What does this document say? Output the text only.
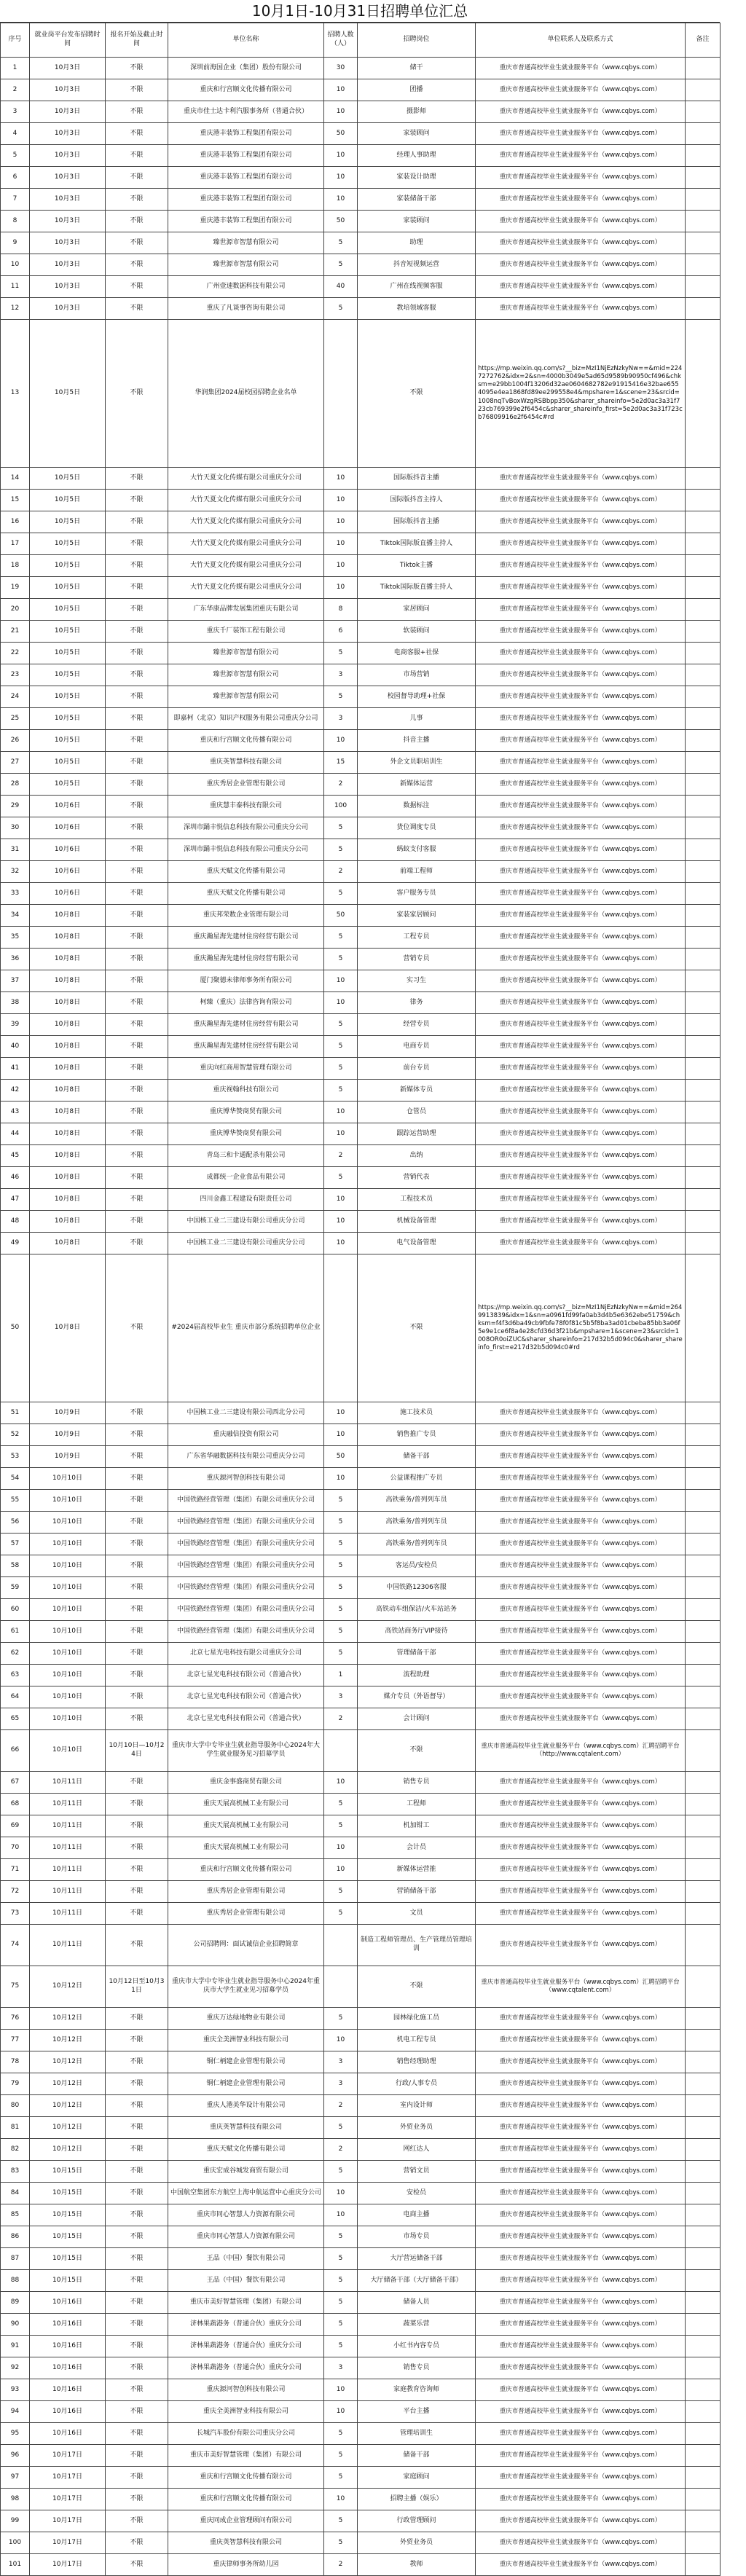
10月1日-10月31日招聘单位汇总
序号	就业岗平台发布招聘时间	报名开始及截止时间	单位名称	招聘人数（人）	招聘岗位	单位联系人及联系方式	备注
1	10月3日	不限	深圳前海国企业（集团）股份有限公司	30	储干	重庆市普通高校毕业生就业服务平台（www.cqbys.com）	
2	10月3日	不限	重庆和行宫顺文化传播有限公司	10	团播	重庆市普通高校毕业生就业服务平台（www.cqbys.com）	
3	10月3日	不限	重庆市佳士达卡利汽服事务所（普通合伙）	10	摄影师	重庆市普通高校毕业生就业服务平台（www.cqbys.com）	
4	10月3日	不限	重庆港丰装饰工程集团有限公司	50	家装顾问	重庆市普通高校毕业生就业服务平台（www.cqbys.com）	
5	10月3日	不限	重庆港丰装饰工程集团有限公司	10	经理人事助理	重庆市普通高校毕业生就业服务平台（www.cqbys.com）	
6	10月3日	不限	重庆港丰装饰工程集团有限公司	10	家装设计助理	重庆市普通高校毕业生就业服务平台（www.cqbys.com）	
7	10月3日	不限	重庆港丰装饰工程集团有限公司	10	家装储备干部	重庆市普通高校毕业生就业服务平台（www.cqbys.com）	
8	10月3日	不限	重庆港丰装饰工程集团有限公司	50	家装顾问	重庆市普通高校毕业生就业服务平台（www.cqbys.com）	
9	10月3日	不限	臻世源市智慧有限公司	5	助理	重庆市普通高校毕业生就业服务平台（www.cqbys.com）	
10	10月3日	不限	臻世源市智慧有限公司	5	抖音短视频运营	重庆市普通高校毕业生就业服务平台（www.cqbys.com）	
11	10月3日	不限	广州壹速数据科技有限公司	40	广州在线视频客服	重庆市普通高校毕业生就业服务平台（www.cqbys.com）	
12	10月3日	不限	重庆了凡谈事咨询有限公司	5	教培领域客服	重庆市普通高校毕业生就业服务平台（www.cqbys.com）	
13	10月5日	不限	华润集团2024届校园招聘企业名单		不限	https://mp.weixin.qq.com/s?__biz=MzI1NjEzNzkyNw==&mid=2247272762&idx=2&sn=4000b3049e5ad65d9589b90950cf496&chksm=e29bb1004f13206d32ae0604682782e91915416e32bae6554095e4ea1868fd89ee299558e4&mpshare=1&scene=23&srcid=1008nqTvBoxWzgRSBbpp350&sharer_shareinfo=5e2d0ac3a31f723cb769399e2f6454c&sharer_shareinfo_first=5e2d0ac3a31f723cb76809916e2f6454c#rd	
14	10月5日	不限	大竹天夏文化传媒有限公司重庆分公司	10	国际版抖音主播	重庆市普通高校毕业生就业服务平台（www.cqbys.com）	
15	10月5日	不限	大竹天夏文化传媒有限公司重庆分公司	10	国际版抖音主持人	重庆市普通高校毕业生就业服务平台（www.cqbys.com）	
16	10月5日	不限	大竹天夏文化传媒有限公司重庆分公司	10	国际版抖音主播	重庆市普通高校毕业生就业服务平台（www.cqbys.com）	
17	10月5日	不限	大竹天夏文化传媒有限公司重庆分公司	10	Tiktok国际版直播主持人	重庆市普通高校毕业生就业服务平台（www.cqbys.com）	
18	10月5日	不限	大竹天夏文化传媒有限公司重庆分公司	10	Tiktok主播	重庆市普通高校毕业生就业服务平台（www.cqbys.com）	
19	10月5日	不限	大竹天夏文化传媒有限公司重庆分公司	10	Tiktok国际版直播主持人	重庆市普通高校毕业生就业服务平台（www.cqbys.com）	
20	10月5日	不限	广东华康品牌发展集团重庆有限公司	8	家居顾问	重庆市普通高校毕业生就业服务平台（www.cqbys.com）	
21	10月5日	不限	重庆千厂装饰工程有限公司	6	软装顾问	重庆市普通高校毕业生就业服务平台（www.cqbys.com）	
22	10月5日	不限	臻世源市智慧有限公司	5	电商客服+社保	重庆市普通高校毕业生就业服务平台（www.cqbys.com）	
23	10月5日	不限	臻世源市智慧有限公司	3	市场营销	重庆市普通高校毕业生就业服务平台（www.cqbys.com）	
24	10月5日	不限	臻世源市智慧有限公司	5	校园督导助理+社保	重庆市普通高校毕业生就业服务平台（www.cqbys.com）	
25	10月5日	不限	即嘉柯（北京）知识产权服务有限公司重庆分公司	3	儿事	重庆市普通高校毕业生就业服务平台（www.cqbys.com）	
26	10月5日	不限	重庆和行宫顺文化传播有限公司	10	抖音主播	重庆市普通高校毕业生就业服务平台（www.cqbys.com）	
27	10月5日	不限	重庆英智慧科技有限公司	15	外企文员职培训生	重庆市普通高校毕业生就业服务平台（www.cqbys.com）	
28	10月5日	不限	重庆秀居企业管理有限公司	2	新媒体运营	重庆市普通高校毕业生就业服务平台（www.cqbys.com）	
29	10月6日	不限	重庆慧丰泰科技有限公司	100	数据标注	重庆市普通高校毕业生就业服务平台（www.cqbys.com）	
30	10月6日	不限	深圳市踊丰悦信息科技有限公司重庆分公司	5	货位调度专员	重庆市普通高校毕业生就业服务平台（www.cqbys.com）	
31	10月6日	不限	深圳市踊丰悦信息科技有限公司重庆分公司	5	蚂蚁支付客服	重庆市普通高校毕业生就业服务平台（www.cqbys.com）	
32	10月6日	不限	重庆天赋文化传播有限公司	2	前端工程师	重庆市普通高校毕业生就业服务平台（www.cqbys.com）	
33	10月6日	不限	重庆天赋文化传播有限公司	5	客户服务专员	重庆市普通高校毕业生就业服务平台（www.cqbys.com）	
34	10月8日	不限	重庆邦荣数企业管理有限公司	50	家装家居顾问	重庆市普通高校毕业生就业服务平台（www.cqbys.com）	
35	10月8日	不限	重庆瀚星海先建材住房经营有限公司	5	工程专员	重庆市普通高校毕业生就业服务平台（www.cqbys.com）	
36	10月8日	不限	重庆瀚星海先建材住房经营有限公司	5	营销专员	重庆市普通高校毕业生就业服务平台（www.cqbys.com）	
37	10月8日	不限	厦门聚德未律师事务所有限公司	10	实习生	重庆市普通高校毕业生就业服务平台（www.cqbys.com）	
38	10月8日	不限	柯臻（重庆）法律咨询有限公司	10	律务	重庆市普通高校毕业生就业服务平台（www.cqbys.com）	
39	10月8日	不限	重庆瀚星海先建材住房经营有限公司	5	经营专员	重庆市普通高校毕业生就业服务平台（www.cqbys.com）	
40	10月8日	不限	重庆瀚星海先建材住房经营有限公司	5	电商专员	重庆市普通高校毕业生就业服务平台（www.cqbys.com）	
41	10月8日	不限	重庆向红商用智慧管理有限公司	5	前台专员	重庆市普通高校毕业生就业服务平台（www.cqbys.com）	
42	10月8日	不限	重庆视翰科技有限公司	5	新媒体专员	重庆市普通高校毕业生就业服务平台（www.cqbys.com）	
43	10月8日	不限	重庆博华赞商贸有限公司	10	仓管员	重庆市普通高校毕业生就业服务平台（www.cqbys.com）	
44	10月8日	不限	重庆博华赞商贸有限公司	10	跟踪运营助理	重庆市普通高校毕业生就业服务平台（www.cqbys.com）	
45	10月8日	不限	青岛三和卡通配杀有限公司	2	出纳	重庆市普通高校毕业生就业服务平台（www.cqbys.com）	
46	10月8日	不限	成都统一企业食品有限公司	5	营销代表	重庆市普通高校毕业生就业服务平台（www.cqbys.com）	
47	10月8日	不限	四川金鑫工程建设有限责任公司	10	工程技术员	重庆市普通高校毕业生就业服务平台（www.cqbys.com）	
48	10月8日	不限	中国核工业二三建设有限公司重庆分公司	10	机械设备管理	重庆市普通高校毕业生就业服务平台（www.cqbys.com）	
49	10月8日	不限	中国核工业二三建设有限公司重庆分公司	10	电气设备管理	重庆市普通高校毕业生就业服务平台（www.cqbys.com）	
50	10月8日	不限	#2024届高校毕业生 重庆市部分系统招聘单位企业		不限	https://mp.weixin.qq.com/s?__biz=MzI1NjEzNzkyNw==&mid=2649913839&idx=1&sn=a0961fd99fa0ab3d4b5e6362ebe51759&chksm=f4f3d6ba49cb9fbfe78f0f81c5b5f8ba3ad01cbeba85bb3a06f5e9e1ce6f8a4e28cfd36d3f21b&mpshare=1&scene=23&srcid=1008OR0oiZUC&sharer_shareinfo=217d32b5d094c0&sharer_shareinfo_first=e217d32b5d094c0#rd	
51	10月9日	不限	中国核工业二三建设有限公司西北分公司	10	施工技术员	重庆市普通高校毕业生就业服务平台（www.cqbys.com）	
52	10月9日	不限	重庆融信投资有限公司	10	销售推广专员	重庆市普通高校毕业生就业服务平台（www.cqbys.com）	
53	10月9日	不限	广东省华融数据科技有限公司重庆分公司	50	储备干部	重庆市普通高校毕业生就业服务平台（www.cqbys.com）	
54	10月10日	不限	重庆源河智创科技有限公司	10	公益课程推广专员	重庆市普通高校毕业生就业服务平台（www.cqbys.com）	
55	10月10日	不限	中国铁路经营管理（集团）有限公司重庆分公司	5	高铁乘务/普列列车员	重庆市普通高校毕业生就业服务平台（www.cqbys.com）	
56	10月10日	不限	中国铁路经营管理（集团）有限公司重庆分公司	5	高铁乘务/普列列车员	重庆市普通高校毕业生就业服务平台（www.cqbys.com）	
57	10月10日	不限	中国铁路经营管理（集团）有限公司重庆分公司	5	高铁乘务/普列列车员	重庆市普通高校毕业生就业服务平台（www.cqbys.com）	
58	10月10日	不限	中国铁路经营管理（集团）有限公司重庆分公司	5	客运员/安检员	重庆市普通高校毕业生就业服务平台（www.cqbys.com）	
59	10月10日	不限	中国铁路经营管理（集团）有限公司重庆分公司	5	中国铁路12306客服	重庆市普通高校毕业生就业服务平台（www.cqbys.com）	
60	10月10日	不限	中国铁路经营管理（集团）有限公司重庆分公司	5	高铁动车组保洁/火车站站务	重庆市普通高校毕业生就业服务平台（www.cqbys.com）	
61	10月10日	不限	中国铁路经营管理（集团）有限公司重庆分公司	5	高铁站商务厅VIP接待	重庆市普通高校毕业生就业服务平台（www.cqbys.com）	
62	10月10日	不限	北京七星光电科技有限公司重庆分公司	5	管理储备干部	重庆市普通高校毕业生就业服务平台（www.cqbys.com）	
63	10月10日	不限	北京七星光电科技有限公司（普通合伙）	1	流程助理	重庆市普通高校毕业生就业服务平台（www.cqbys.com）	
64	10月10日	不限	北京七星光电科技有限公司（普通合伙）	3	媒介专员（外语督导）	重庆市普通高校毕业生就业服务平台（www.cqbys.com）	
65	10月10日	不限	北京七星光电科技有限公司（普通合伙）	2	会计顾问	重庆市普通高校毕业生就业服务平台（www.cqbys.com）	
66	10月10日	10月10日—10月24日	重庆市大学中专毕业生就业指导服务中心2024年大学生就业服务见习招募学员		不限	重庆市普通高校毕业生就业服务平台（www.cqbys.com）汇聘招聘平台（http://www.cqtalent.com）	
67	10月11日	不限	重庆金事盛商贸有限公司	10	销售专员	重庆市普通高校毕业生就业服务平台（www.cqbys.com）	
68	10月11日	不限	重庆天展高机械工业有限公司	5	工程师	重庆市普通高校毕业生就业服务平台（www.cqbys.com）	
69	10月11日	不限	重庆天展高机械工业有限公司	5	机加钳工	重庆市普通高校毕业生就业服务平台（www.cqbys.com）	
70	10月11日	不限	重庆天展高机械工业有限公司	10	会计员	重庆市普通高校毕业生就业服务平台（www.cqbys.com）	
71	10月11日	不限	重庆和行宫顺文化传播有限公司	10	新媒体运营推	重庆市普通高校毕业生就业服务平台（www.cqbys.com）	
72	10月11日	不限	重庆秀居企业管理有限公司	5	营销储备干部	重庆市普通高校毕业生就业服务平台（www.cqbys.com）	
73	10月11日	不限	重庆秀居企业管理有限公司	5	文员	重庆市普通高校毕业生就业服务平台（www.cqbys.com）	
74	10月11日	不限	公司招聘网：面试诚信企业招聘简章		制造工程师管理员、生产管理员管理培训	重庆市普通高校毕业生就业服务平台（www.cqbys.com）	
75	10月12日	10月12日至10月31日	重庆市大学中专毕业生就业指导服务中心2024年重庆市大学生就业见习招募学员		不限	重庆市普通高校毕业生就业服务平台（www.cqbys.com）汇聘招聘平台（www.cqtalent.com）	
76	10月12日	不限	重庆万达绿地物业有限公司	5	园林绿化施工员	重庆市普通高校毕业生就业服务平台（www.cqbys.com）	
77	10月12日	不限	重庆全美洲智业科技有限公司	10	机电工程专员	重庆市普通高校毕业生就业服务平台（www.cqbys.com）	
78	10月12日	不限	铜仁柄建企业管理有限公司	3	销售经理助理	重庆市普通高校毕业生就业服务平台（www.cqbys.com）	
79	10月12日	不限	铜仁柄建企业管理有限公司	3	行政/人事专员	重庆市普通高校毕业生就业服务平台（www.cqbys.com）	
80	10月12日	不限	重庆人港美华设计有限公司	2	室内设计师	重庆市普通高校毕业生就业服务平台（www.cqbys.com）	
81	10月12日	不限	重庆英智慧科技有限公司	5	外贸业务员	重庆市普通高校毕业生就业服务平台（www.cqbys.com）	
82	10月12日	不限	重庆天赋文化传播有限公司	2	网红达人	重庆市普通高校毕业生就业服务平台（www.cqbys.com）	
83	10月15日	不限	重庆宏成谷城发商贸有限公司	5	营销文员	重庆市普通高校毕业生就业服务平台（www.cqbys.com）	
84	10月15日	不限	中国航空集团东方航空上海中航运营中心重庆分公司	10	安检员	重庆市普通高校毕业生就业服务平台（www.cqbys.com）	
85	10月15日	不限	重庆市同心智慧人力资源有限公司	10	电商主播	重庆市普通高校毕业生就业服务平台（www.cqbys.com）	
86	10月15日	不限	重庆市同心智慧人力资源有限公司	5	市场专员	重庆市普通高校毕业生就业服务平台（www.cqbys.com）	
87	10月15日	不限	王品（中国）餐饮有限公司	5	大厅营运储备干部	重庆市普通高校毕业生就业服务平台（www.cqbys.com）	
88	10月15日	不限	王品（中国）餐饮有限公司	5	大厅储备干部（大厅储备干部）	重庆市普通高校毕业生就业服务平台（www.cqbys.com）	
89	10月16日	不限	重庆市美好智慧管理（集团）有限公司	5	储备人员	重庆市普通高校毕业生就业服务平台（www.cqbys.com）	
90	10月16日	不限	济林果蔬港务（普通合伙）重庆分公司	5	蔬菜乐营	重庆市普通高校毕业生就业服务平台（www.cqbys.com）	
91	10月16日	不限	济林果蔬港务（普通合伙）重庆分公司	5	小红书内容专员	重庆市普通高校毕业生就业服务平台（www.cqbys.com）	
92	10月16日	不限	济林果蔬港务（普通合伙）重庆分公司	3	销售专员	重庆市普通高校毕业生就业服务平台（www.cqbys.com）	
93	10月16日	不限	重庆源河智创科技有限公司	10	家庭教育咨询师	重庆市普通高校毕业生就业服务平台（www.cqbys.com）	
94	10月16日	不限	重庆全美洲智业科技有限公司	10	平台主播	重庆市普通高校毕业生就业服务平台（www.cqbys.com）	
95	10月16日	不限	长城汽车股份有限公司重庆分公司	5	管理培训生	重庆市普通高校毕业生就业服务平台（www.cqbys.com）	
96	10月17日	不限	重庆市美好智慧管理（集团）有限公司	5	储备干部	重庆市普通高校毕业生就业服务平台（www.cqbys.com）	
97	10月17日	不限	重庆和行宫顺文化传播有限公司	5	家庭顾问	重庆市普通高校毕业生就业服务平台（www.cqbys.com）	
98	10月17日	不限	重庆和行宫顺文化传播有限公司	10	招聘主播（娱乐）	重庆市普通高校毕业生就业服务平台（www.cqbys.com）	
99	10月17日	不限	重庆同成企业管理顾问有限公司	5	行政管理顾问	重庆市普通高校毕业生就业服务平台（www.cqbys.com）	
100	10月17日	不限	重庆英智慧科技有限公司	5	外贸业务员	重庆市普通高校毕业生就业服务平台（www.cqbys.com）	
101	10月17日	不限	重庆律师事务所幼儿园	2	教师	重庆市普通高校毕业生就业服务平台（www.cqbys.com）	
